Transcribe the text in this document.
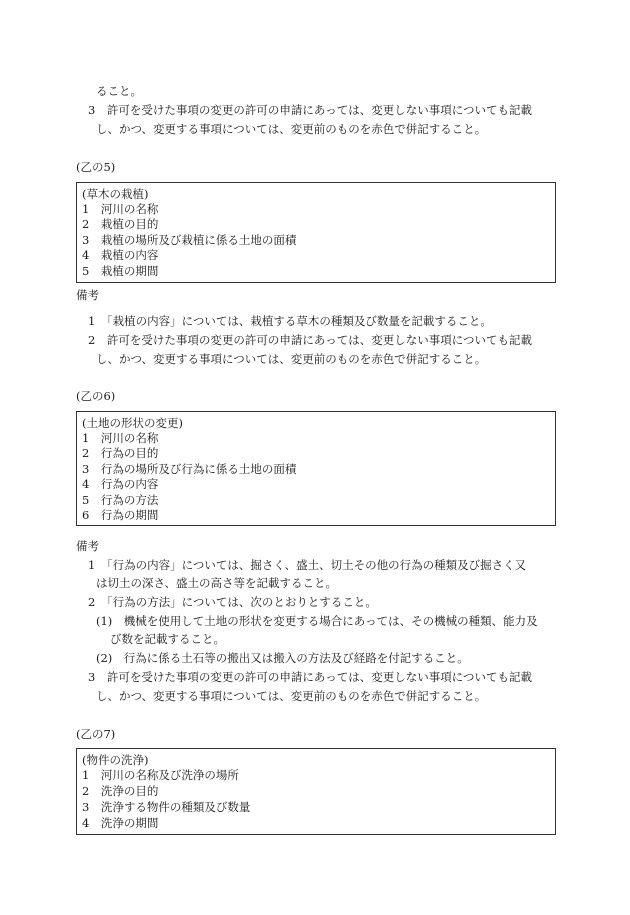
ること。
3　許可を受けた事項の変更の許可の申請にあっては、変更しない事項についても記載
し、かつ、変更する事項については、変更前のものを赤色で併記すること。
(乙の5)
(草木の栽植)
1　河川の名称
2　栽植の目的
3　栽植の場所及び栽植に係る土地の面積
4　栽植の内容
5　栽植の期間
備考
1　「栽植の内容」については、栽植する草木の種類及び数量を記載すること。
2　許可を受けた事項の変更の許可の申請にあっては、変更しない事項についても記載
し、かつ、変更する事項については、変更前のものを赤色で併記すること。
(乙の6)
(土地の形状の変更)
1　河川の名称
2　行為の目的
3　行為の場所及び行為に係る土地の面積
4　行為の内容
5　行為の方法
6　行為の期間
備考
1　「行為の内容」については、掘さく、盛土、切土その他の行為の種類及び掘さく又
は切土の深さ、盛土の高さ等を記載すること。
2　「行為の方法」については、次のとおりとすること。
(1)　機械を使用して土地の形状を変更する場合にあっては、その機械の種類、能力及
び数を記載すること。
(2)　行為に係る土石等の搬出又は搬入の方法及び経路を付記すること。
3　許可を受けた事項の変更の許可の申請にあっては、変更しない事項についても記載
し、かつ、変更する事項については、変更前のものを赤色で併記すること。
(乙の7)
(物件の洗浄)
1　河川の名称及び洗浄の場所
2　洗浄の目的
3　洗浄する物件の種類及び数量
4　洗浄の期間
